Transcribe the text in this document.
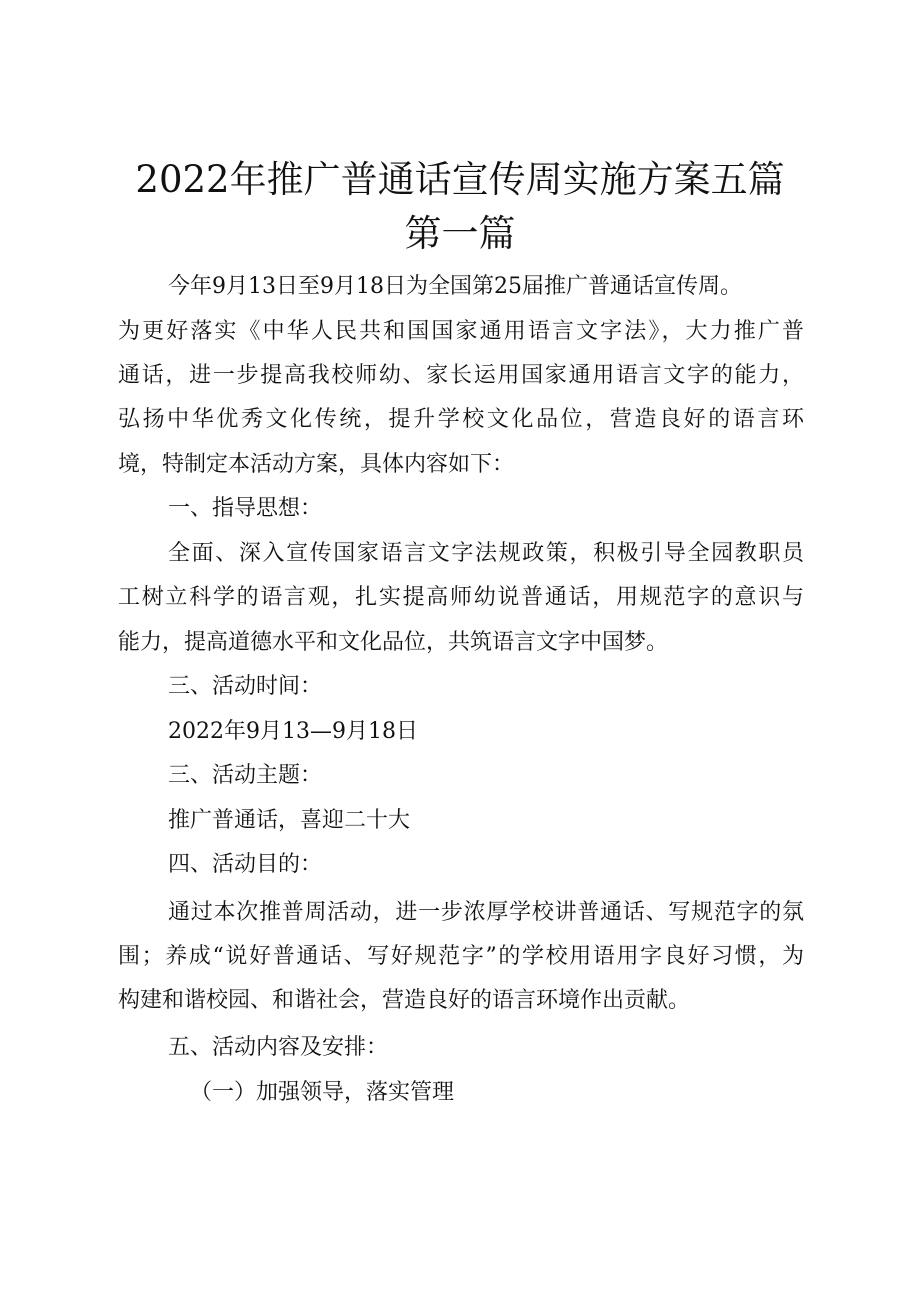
2022年推广普通话宣传周实施方案五篇
第一篇
今年9月13日至9月18日为全国第25届推广普通话宣传周。
为更好落实《中华人民共和国国家通用语言文字法》，大力推广普
通话，进一步提高我校师幼、家长运用国家通用语言文字的能力，
弘扬中华优秀文化传统，提升学校文化品位，营造良好的语言环
境，特制定本活动方案，具体内容如下：
一、指导思想：
全面、深入宣传国家语言文字法规政策，积极引导全园教职员
工树立科学的语言观，扎实提高师幼说普通话，用规范字的意识与
能力，提高道德水平和文化品位，共筑语言文字中国梦。
三、活动时间：
2022年9月13—9月18日
三、活动主题：
推广普通话，喜迎二十大
四、活动目的：
通过本次推普周活动，进一步浓厚学校讲普通话、写规范字的氛
围；养成“说好普通话、写好规范字”的学校用语用字良好习惯，为
构建和谐校园、和谐社会，营造良好的语言环境作出贡献。
五、活动内容及安排：
（一）加强领导，落实管理
